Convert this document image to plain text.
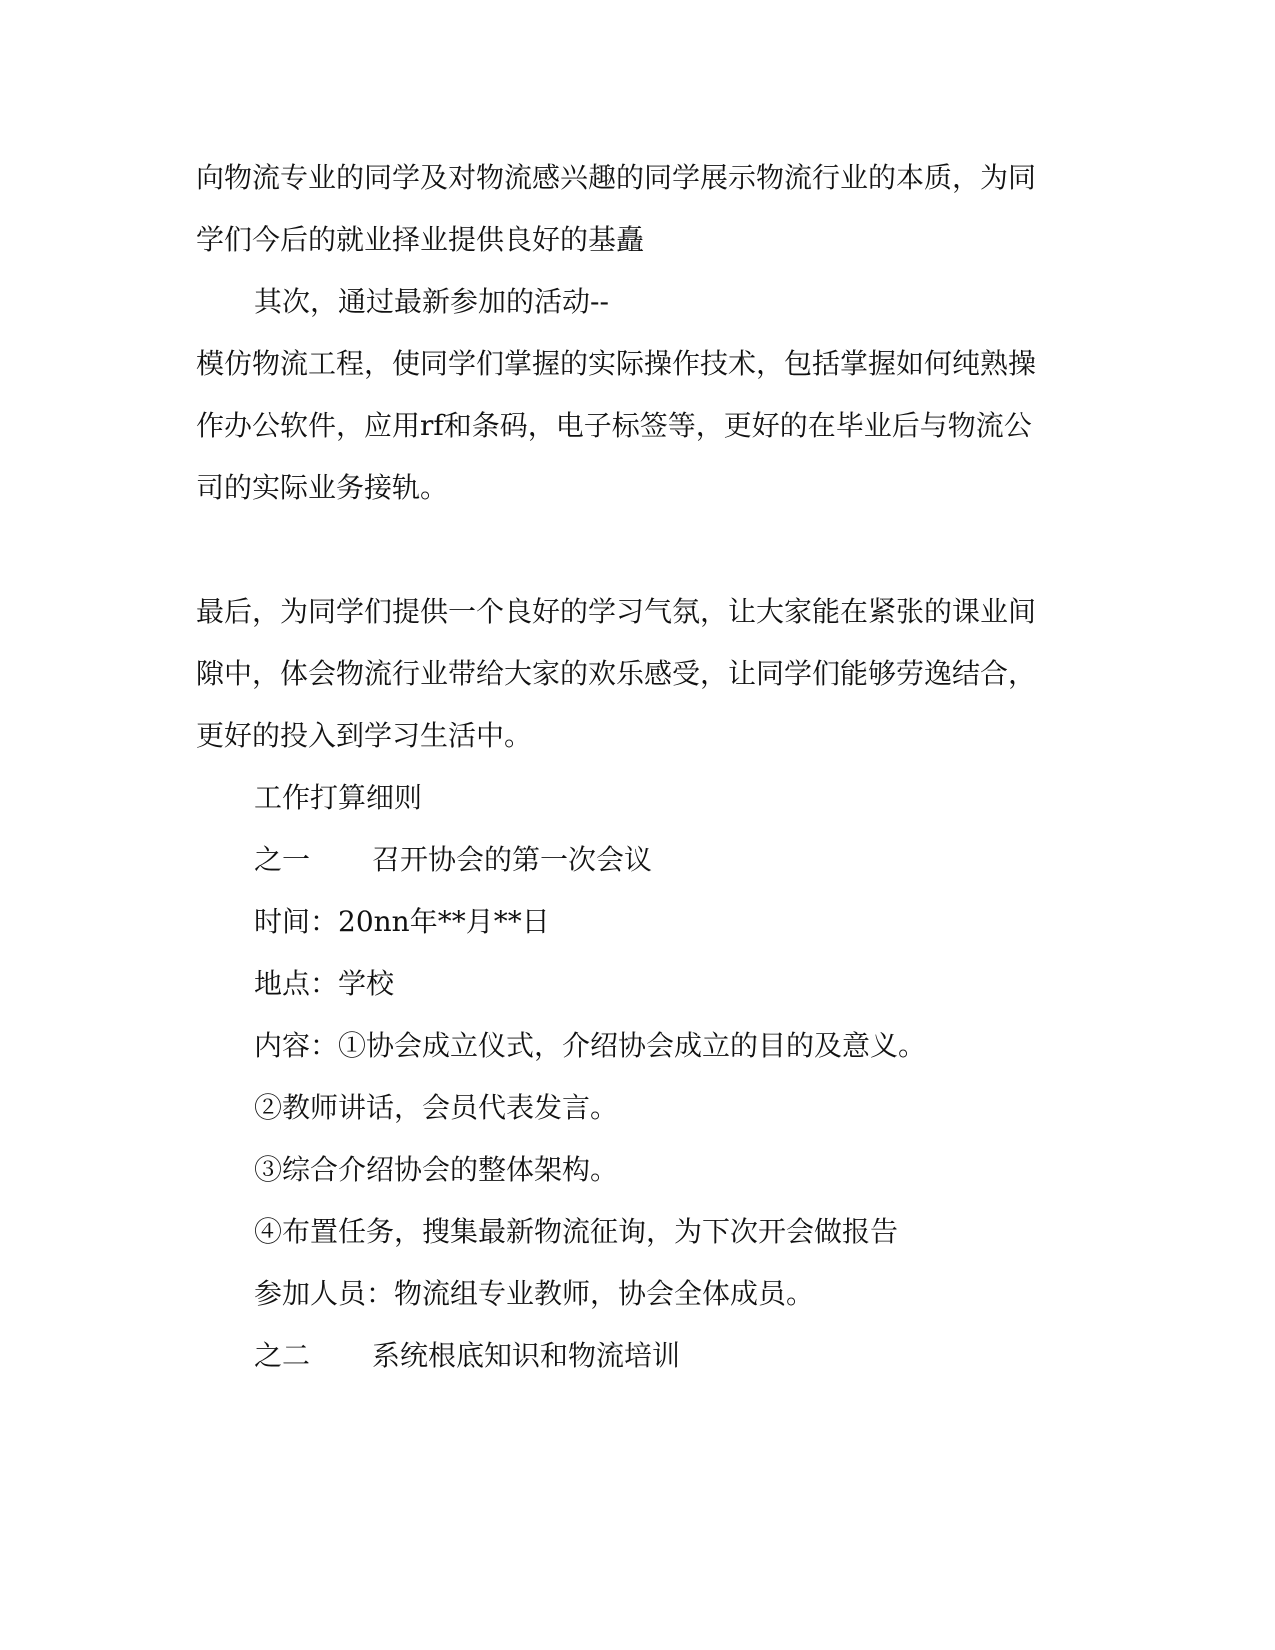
向物流专业的同学及对物流感兴趣的同学展示物流行业的本质，为同
学们今后的就业择业提供良好的基矗
其次，通过最新参加的活动--
模仿物流工程，使同学们掌握的实际操作技术，包括掌握如何纯熟操
作办公软件，应用rf和条码，电子标签等，更好的在毕业后与物流公
司的实际业务接轨。
最后，为同学们提供一个良好的学习气氛，让大家能在紧张的课业间
隙中，体会物流行业带给大家的欢乐感受，让同学们能够劳逸结合，
更好的投入到学习生活中。
工作打算细则
之一 召开协会的第一次会议
时间：20nn年**月**日
地点：学校
内容：①协会成立仪式，介绍协会成立的目的及意义。
②教师讲话，会员代表发言。
③综合介绍协会的整体架构。
④布置任务，搜集最新物流征询，为下次开会做报告
参加人员：物流组专业教师，协会全体成员。
之二 系统根底知识和物流培训
